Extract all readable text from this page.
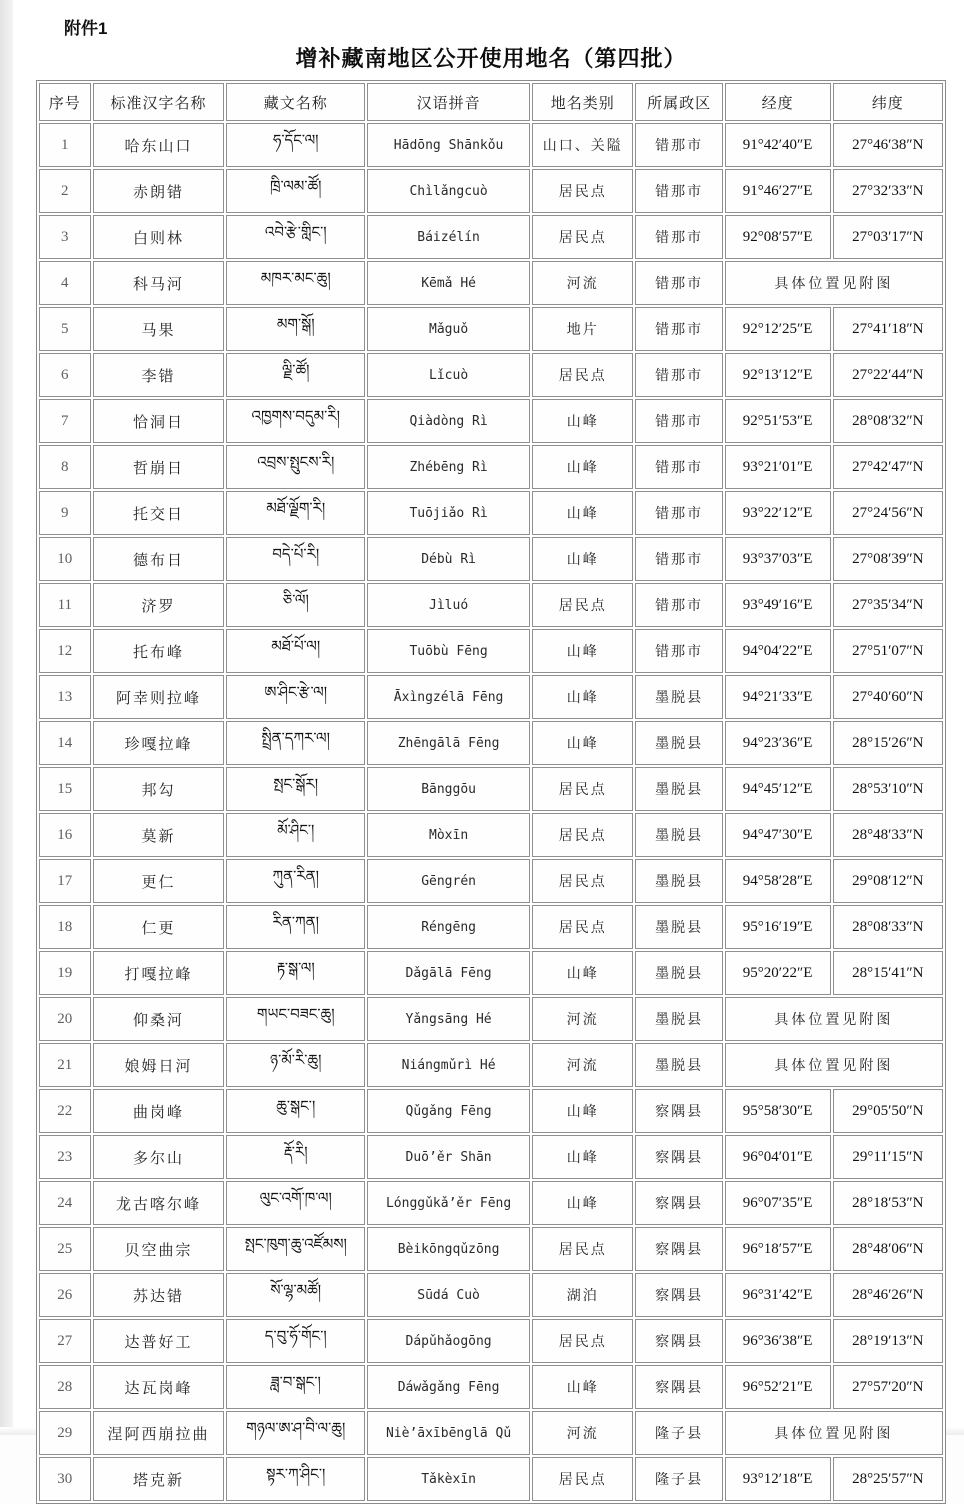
附件1
增补藏南地区公开使用地名（第四批）
序号	标准汉字名称	藏文名称	汉语拼音	地名类别	所属政区	经度	纬度
1	哈东山口	ཧ་དོང་ལ།	Hādōng Shānkǒu	山口、关隘	错那市	91°42′40″E	27°46′38″N
2	赤朗错	ཁྲི་ལམ་ཚོ།	Chìlǎngcuò	居民点	错那市	91°46′27″E	27°32′33″N
3	白则林	འབེ་རྩེ་གླིང་།	Báizélín	居民点	错那市	92°08′57″E	27°03′17″N
4	科马河	མཁར་མང་ཆུ།	Kēmǎ Hé	河流	错那市	具体位置见附图	
5	马果	མག་སྒོ།	Mǎguǒ	地片	错那市	92°12′25″E	27°41′18″N
6	李错	ལྗི་ཚོ།	Lǐcuò	居民点	错那市	92°13′12″E	27°22′44″N
7	恰洞日	འཁྱགས་བདུམ་རི།	Qiàdòng Rì	山峰	错那市	92°51′53″E	28°08′32″N
8	哲崩日	འབྲས་སྤུངས་རི།	Zhébēng Rì	山峰	错那市	93°21′01″E	27°42′47″N
9	托交日	མཐོ་ལྗོག་རི།	Tuōjiǎo Rì	山峰	错那市	93°22′12″E	27°24′56″N
10	德布日	བདེ་པོ་རི།	Débù Rì	山峰	错那市	93°37′03″E	27°08′39″N
11	济罗	ཅི་ལོ།	Jìluó	居民点	错那市	93°49′16″E	27°35′34″N
12	托布峰	མཐོ་པོ་ལ།	Tuōbù Fēng	山峰	错那市	94°04′22″E	27°51′07″N
13	阿幸则拉峰	ཨ་ཤིང་རྩེ་ལ།	Āxìngzélā Fēng	山峰	墨脱县	94°21′33″E	27°40′60″N
14	珍嘎拉峰	སྤྲིན་དཀར་ལ།	Zhēngālā Fēng	山峰	墨脱县	94°23′36″E	28°15′26″N
15	邦勾	སྤང་སྒོར།	Bānggōu	居民点	墨脱县	94°45′12″E	28°53′10″N
16	莫新	མོ་ཤིང་།	Mòxīn	居民点	墨脱县	94°47′30″E	28°48′33″N
17	更仁	ཀུན་རིན།	Gēngrén	居民点	墨脱县	94°58′28″E	29°08′12″N
18	仁更	རིན་ཀན།	Réngēng	居民点	墨脱县	95°16′19″E	28°08′33″N
19	打嘎拉峰	རྟ་སྒ་ལ།	Dǎgālā Fēng	山峰	墨脱县	95°20′22″E	28°15′41″N
20	仰桑河	གཡང་བཟང་ཆུ།	Yǎngsāng Hé	河流	墨脱县	具体位置见附图	
21	娘姆日河	ཉ་མོ་རི་ཆུ།	Niángmǔrì Hé	河流	墨脱县	具体位置见附图	
22	曲岗峰	ཆུ་སྒང་།	Qǔgǎng Fēng	山峰	察隅县	95°58′30″E	29°05′50″N
23	多尔山	རྡོ་རི།	Duō’ěr Shān	山峰	察隅县	96°04′01″E	29°11′15″N
24	龙古喀尔峰	ལུང་འགོ་ཁ་ལ།	Lónggǔkǎ’ěr Fēng	山峰	察隅县	96°07′35″E	28°18′53″N
25	贝空曲宗	སྤང་ཁུག་ཆུ་འཛོམས།	Bèikōngqǔzōng	居民点	察隅县	96°18′57″E	28°48′06″N
26	苏达错	སོ་ལྷ་མཚོ།	Sūdá Cuò	湖泊	察隅县	96°31′42″E	28°46′26″N
27	达普好工	ད་བུ་ཧོ་གོང་།	Dápǔhǎogōng	居民点	察隅县	96°36′38″E	28°19′13″N
28	达瓦岗峰	ཟླ་བ་སྒང་།	Dáwǎgǎng Fēng	山峰	察隅县	96°52′21″E	27°57′20″N
29	涅阿西崩拉曲	གཉལ་ཨ་ཤ་བི་ལ་ཆུ།	Niè’āxībēnglā Qǔ	河流	隆子县	具体位置见附图	
30	塔克新	སྟར་ཀ་ཤིང་།	Tǎkèxīn	居民点	隆子县	93°12′18″E	28°25′57″N
